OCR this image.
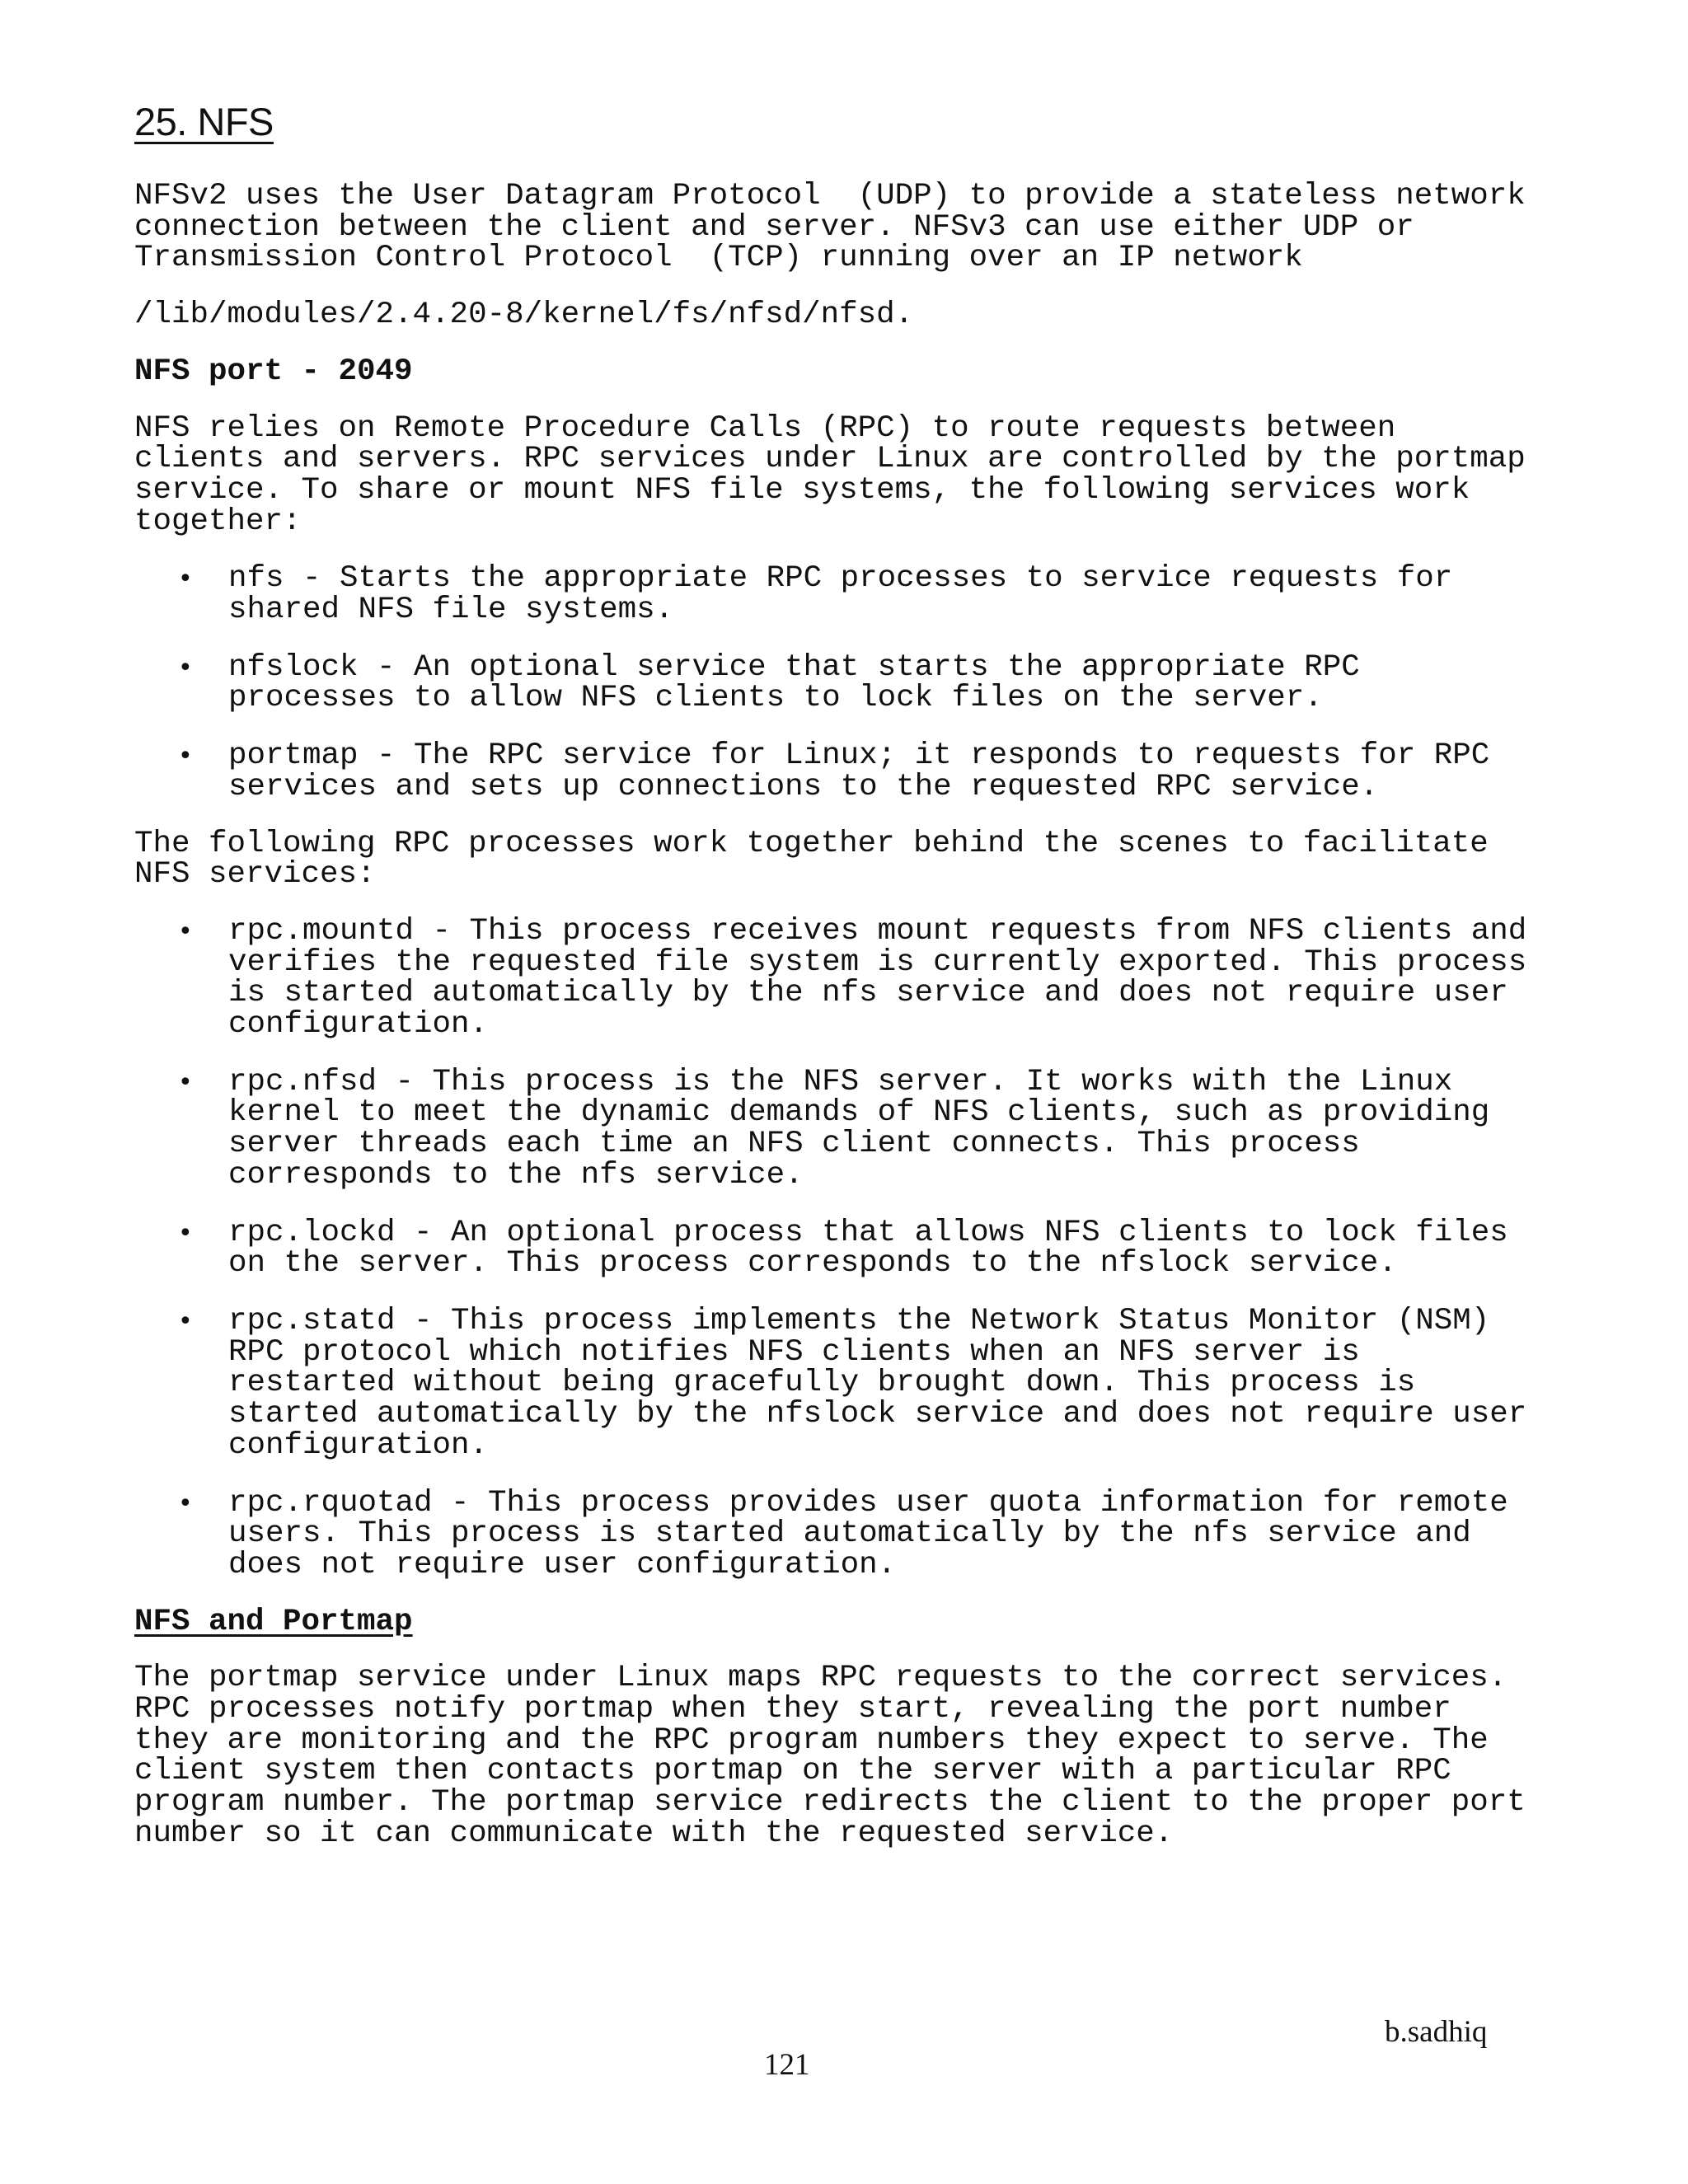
25. NFS

NFSv2 uses the User Datagram Protocol  (UDP) to provide a stateless network
connection between the client and server. NFSv3 can use either UDP or
Transmission Control Protocol  (TCP) running over an IP network

/lib/modules/2.4.20-8/kernel/fs/nfsd/nfsd.

NFS port - 2049

NFS relies on Remote Procedure Calls (RPC) to route requests between
clients and servers. RPC services under Linux are controlled by the portmap
service. To share or mount NFS file systems, the following services work
together:

• nfs - Starts the appropriate RPC processes to service requests for
shared NFS file systems.
• nfslock - An optional service that starts the appropriate RPC
processes to allow NFS clients to lock files on the server.
• portmap - The RPC service for Linux; it responds to requests for RPC
services and sets up connections to the requested RPC service.

The following RPC processes work together behind the scenes to facilitate
NFS services:

• rpc.mountd - This process receives mount requests from NFS clients and
verifies the requested file system is currently exported. This process
is started automatically by the nfs service and does not require user
configuration.
• rpc.nfsd - This process is the NFS server. It works with the Linux
kernel to meet the dynamic demands of NFS clients, such as providing
server threads each time an NFS client connects. This process
corresponds to the nfs service.
• rpc.lockd - An optional process that allows NFS clients to lock files
on the server. This process corresponds to the nfslock service.
• rpc.statd - This process implements the Network Status Monitor (NSM)
RPC protocol which notifies NFS clients when an NFS server is
restarted without being gracefully brought down. This process is
started automatically by the nfslock service and does not require user
configuration.
• rpc.rquotad - This process provides user quota information for remote
users. This process is started automatically by the nfs service and
does not require user configuration.

NFS and Portmap

The portmap service under Linux maps RPC requests to the correct services.
RPC processes notify portmap when they start, revealing the port number
they are monitoring and the RPC program numbers they expect to serve. The
client system then contacts portmap on the server with a particular RPC
program number. The portmap service redirects the client to the proper port
number so it can communicate with the requested service.

b.sadhiq
121
